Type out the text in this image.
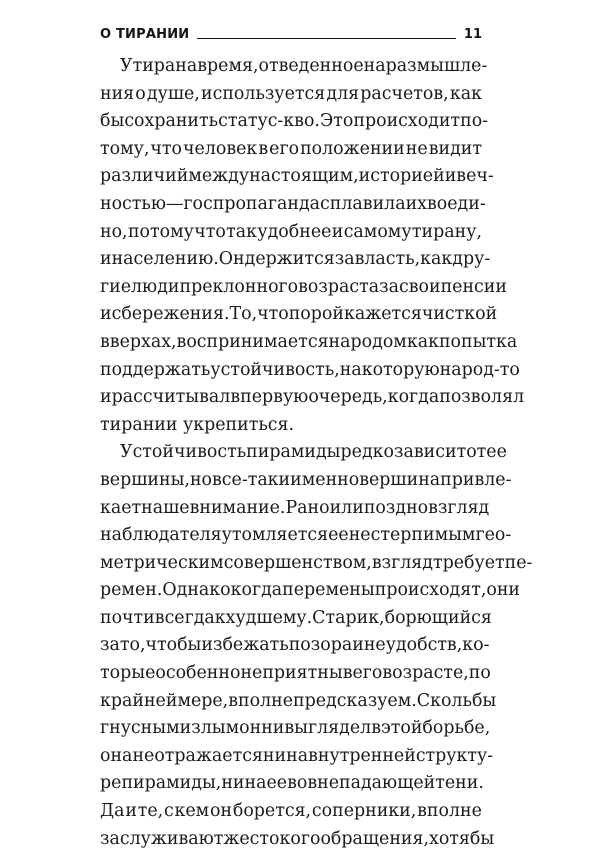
О ТИРАНИИ	11
У тирана время, отведенное на размышле-
ния о душе, используется для расчетов, как
бы сохранить статус-кво. Это происходит по-
тому, что человек в его положении не видит
различий между настоящим, историей и веч-
ностью — госпропаганда сплавила их воеди-
но, потому что так удобнее и самому тирану,
и населению. Он держится за власть, как дру-
гие люди преклонного возраста за свои пенсии
и сбережения. То, что порой кажется чисткой
в верхах, воспринимается народом как попытка
поддержать устойчивость, на которую народ-то
и рассчитывал в первую очередь, когда позволял
тирании укрепиться.
Устойчивость пирамиды редко зависит от ее
вершины, но все-таки именно вершина привле-
кает наше внимание. Рано или поздно взгляд
наблюдателя утомляется ее нестерпимым гео-
метрическим совершенством, взгляд требует пе-
ремен. Однако когда перемены происходят, они
почти всегда к худшему. Старик, борющийся
за то, чтобы избежать позора и неудобств, ко-
торые особенно неприятны в его возрасте, по
крайней мере, вполне предсказуем. Сколь бы
гнусным и злым он ни выглядел в этой борьбе,
она не отражается ни на внутренней структу-
ре пирамиды, ни на ее вовне падающей тени.
Да и те, с кем он борется, соперники, вполне
заслуживают жестокого обращения, хотя бы
